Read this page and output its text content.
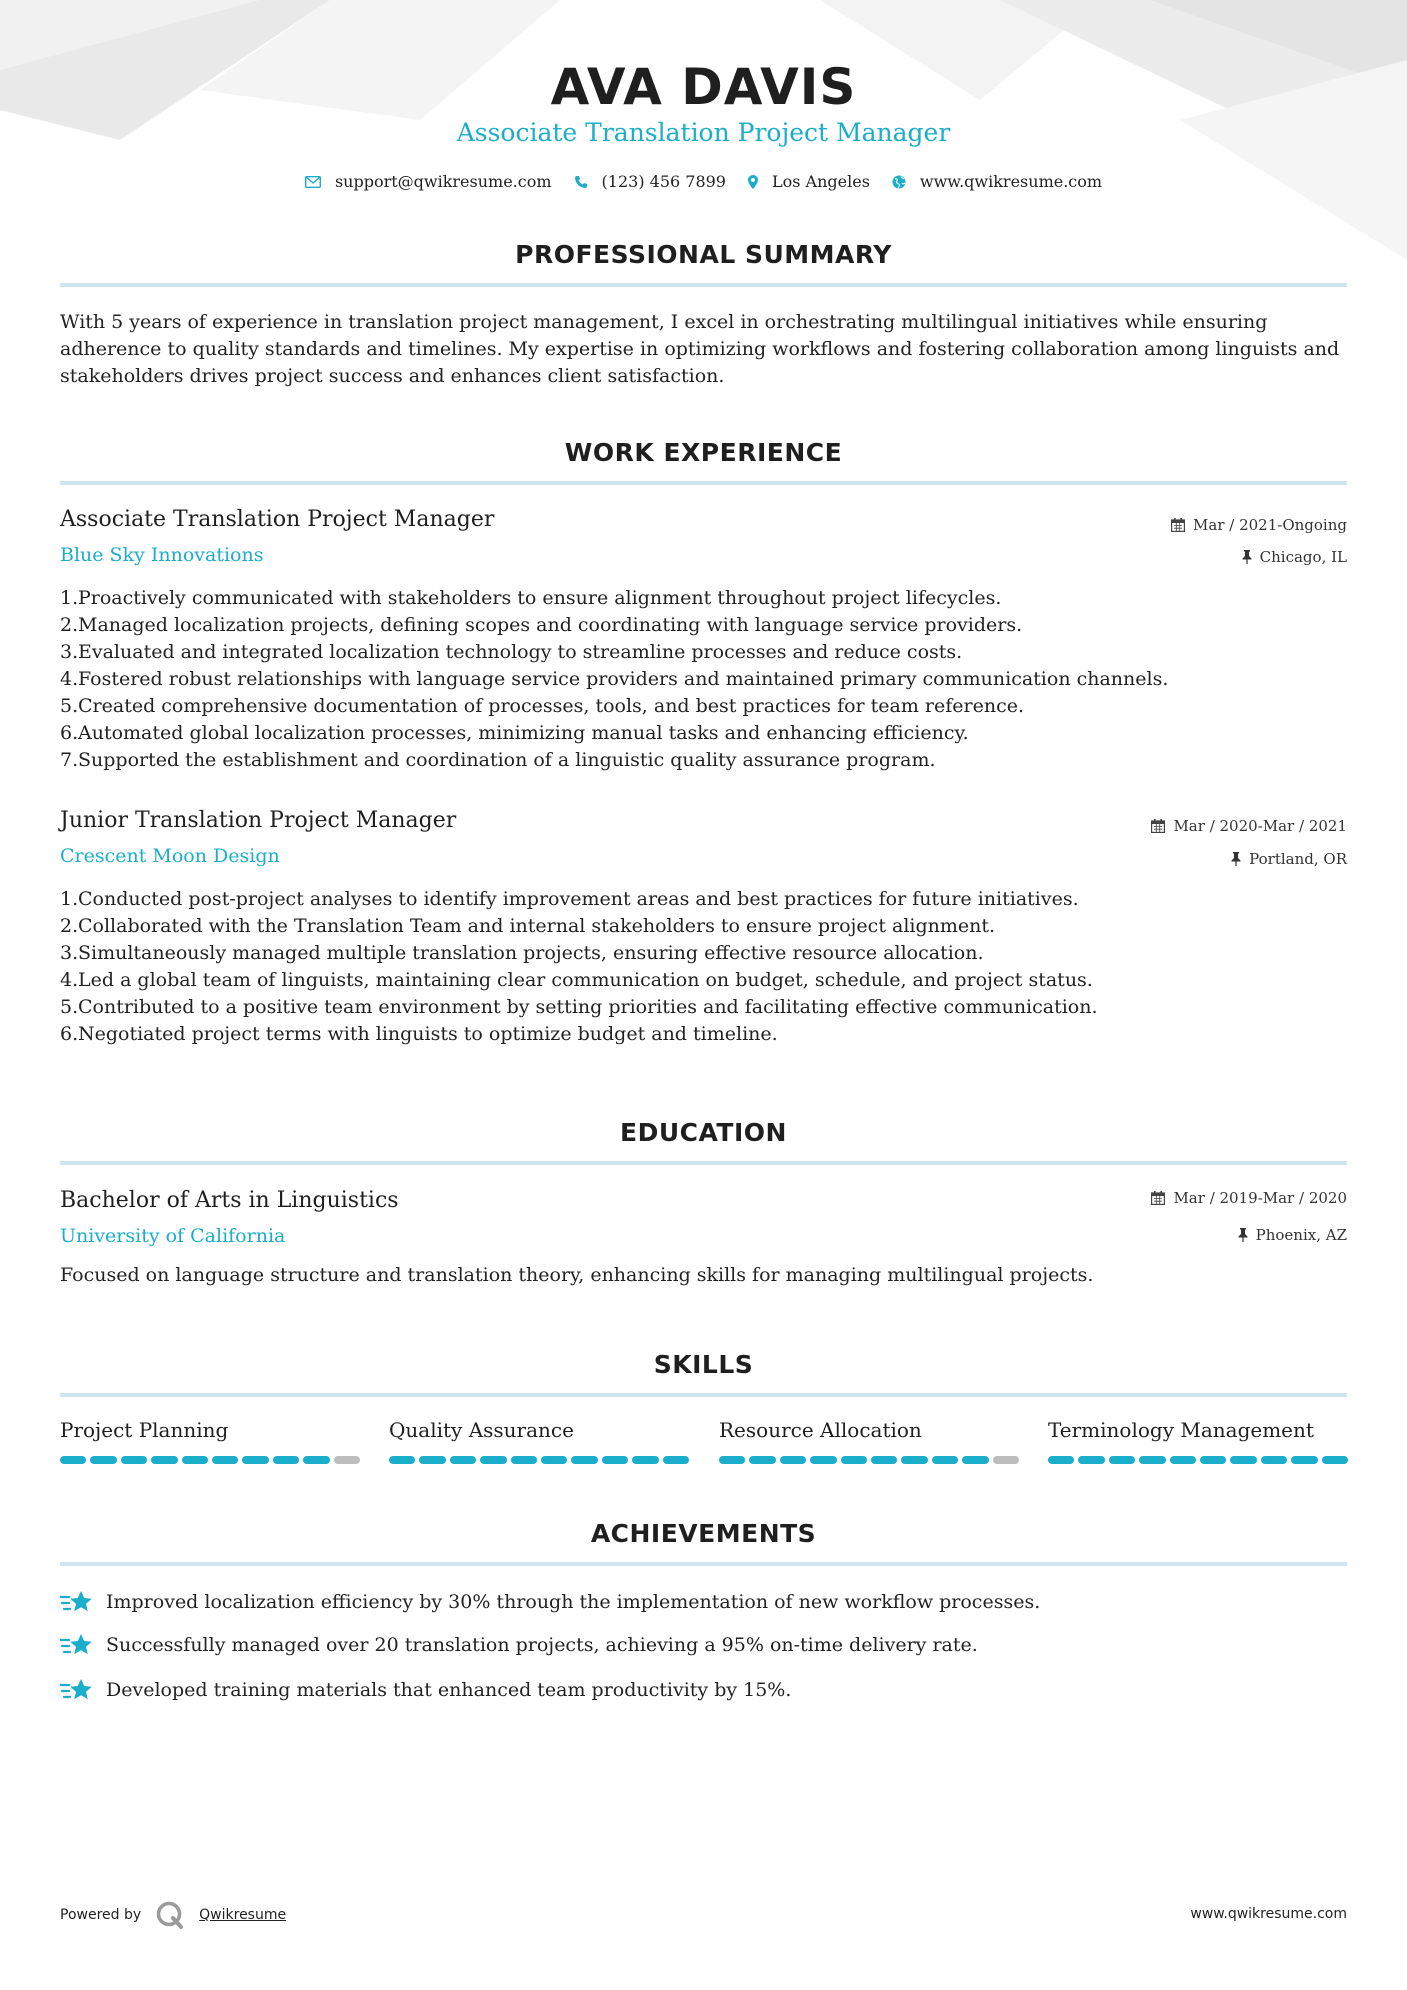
AVA DAVIS
Associate Translation Project Manager
support@qwikresume.com	(123) 456 7899	Los Angeles	www.qwikresume.com
PROFESSIONAL SUMMARY
With 5 years of experience in translation project management, I excel in orchestrating multilingual initiatives while ensuring adherence to quality standards and timelines. My expertise in optimizing workflows and fostering collaboration among linguists and stakeholders drives project success and enhances client satisfaction.
WORK EXPERIENCE
Associate Translation Project Manager
Blue Sky Innovations
Mar / 2021-Ongoing
Chicago, IL
1. Proactively communicated with stakeholders to ensure alignment throughout project lifecycles.
2. Managed localization projects, defining scopes and coordinating with language service providers.
3. Evaluated and integrated localization technology to streamline processes and reduce costs.
4. Fostered robust relationships with language service providers and maintained primary communication channels.
5. Created comprehensive documentation of processes, tools, and best practices for team reference.
6. Automated global localization processes, minimizing manual tasks and enhancing efficiency.
7. Supported the establishment and coordination of a linguistic quality assurance program.
Junior Translation Project Manager
Crescent Moon Design
Mar / 2020-Mar / 2021
Portland, OR
1. Conducted post-project analyses to identify improvement areas and best practices for future initiatives.
2. Collaborated with the Translation Team and internal stakeholders to ensure project alignment.
3. Simultaneously managed multiple translation projects, ensuring effective resource allocation.
4. Led a global team of linguists, maintaining clear communication on budget, schedule, and project status.
5. Contributed to a positive team environment by setting priorities and facilitating effective communication.
6. Negotiated project terms with linguists to optimize budget and timeline.
EDUCATION
Bachelor of Arts in Linguistics
University of California
Mar / 2019-Mar / 2020
Phoenix, AZ
Focused on language structure and translation theory, enhancing skills for managing multilingual projects.
SKILLS
Project Planning	Quality Assurance	Resource Allocation	Terminology Management
ACHIEVEMENTS
Improved localization efficiency by 30% through the implementation of new workflow processes.
Successfully managed over 20 translation projects, achieving a 95% on-time delivery rate.
Developed training materials that enhanced team productivity by 15%.
Powered by	Qwikresume	www.qwikresume.com
